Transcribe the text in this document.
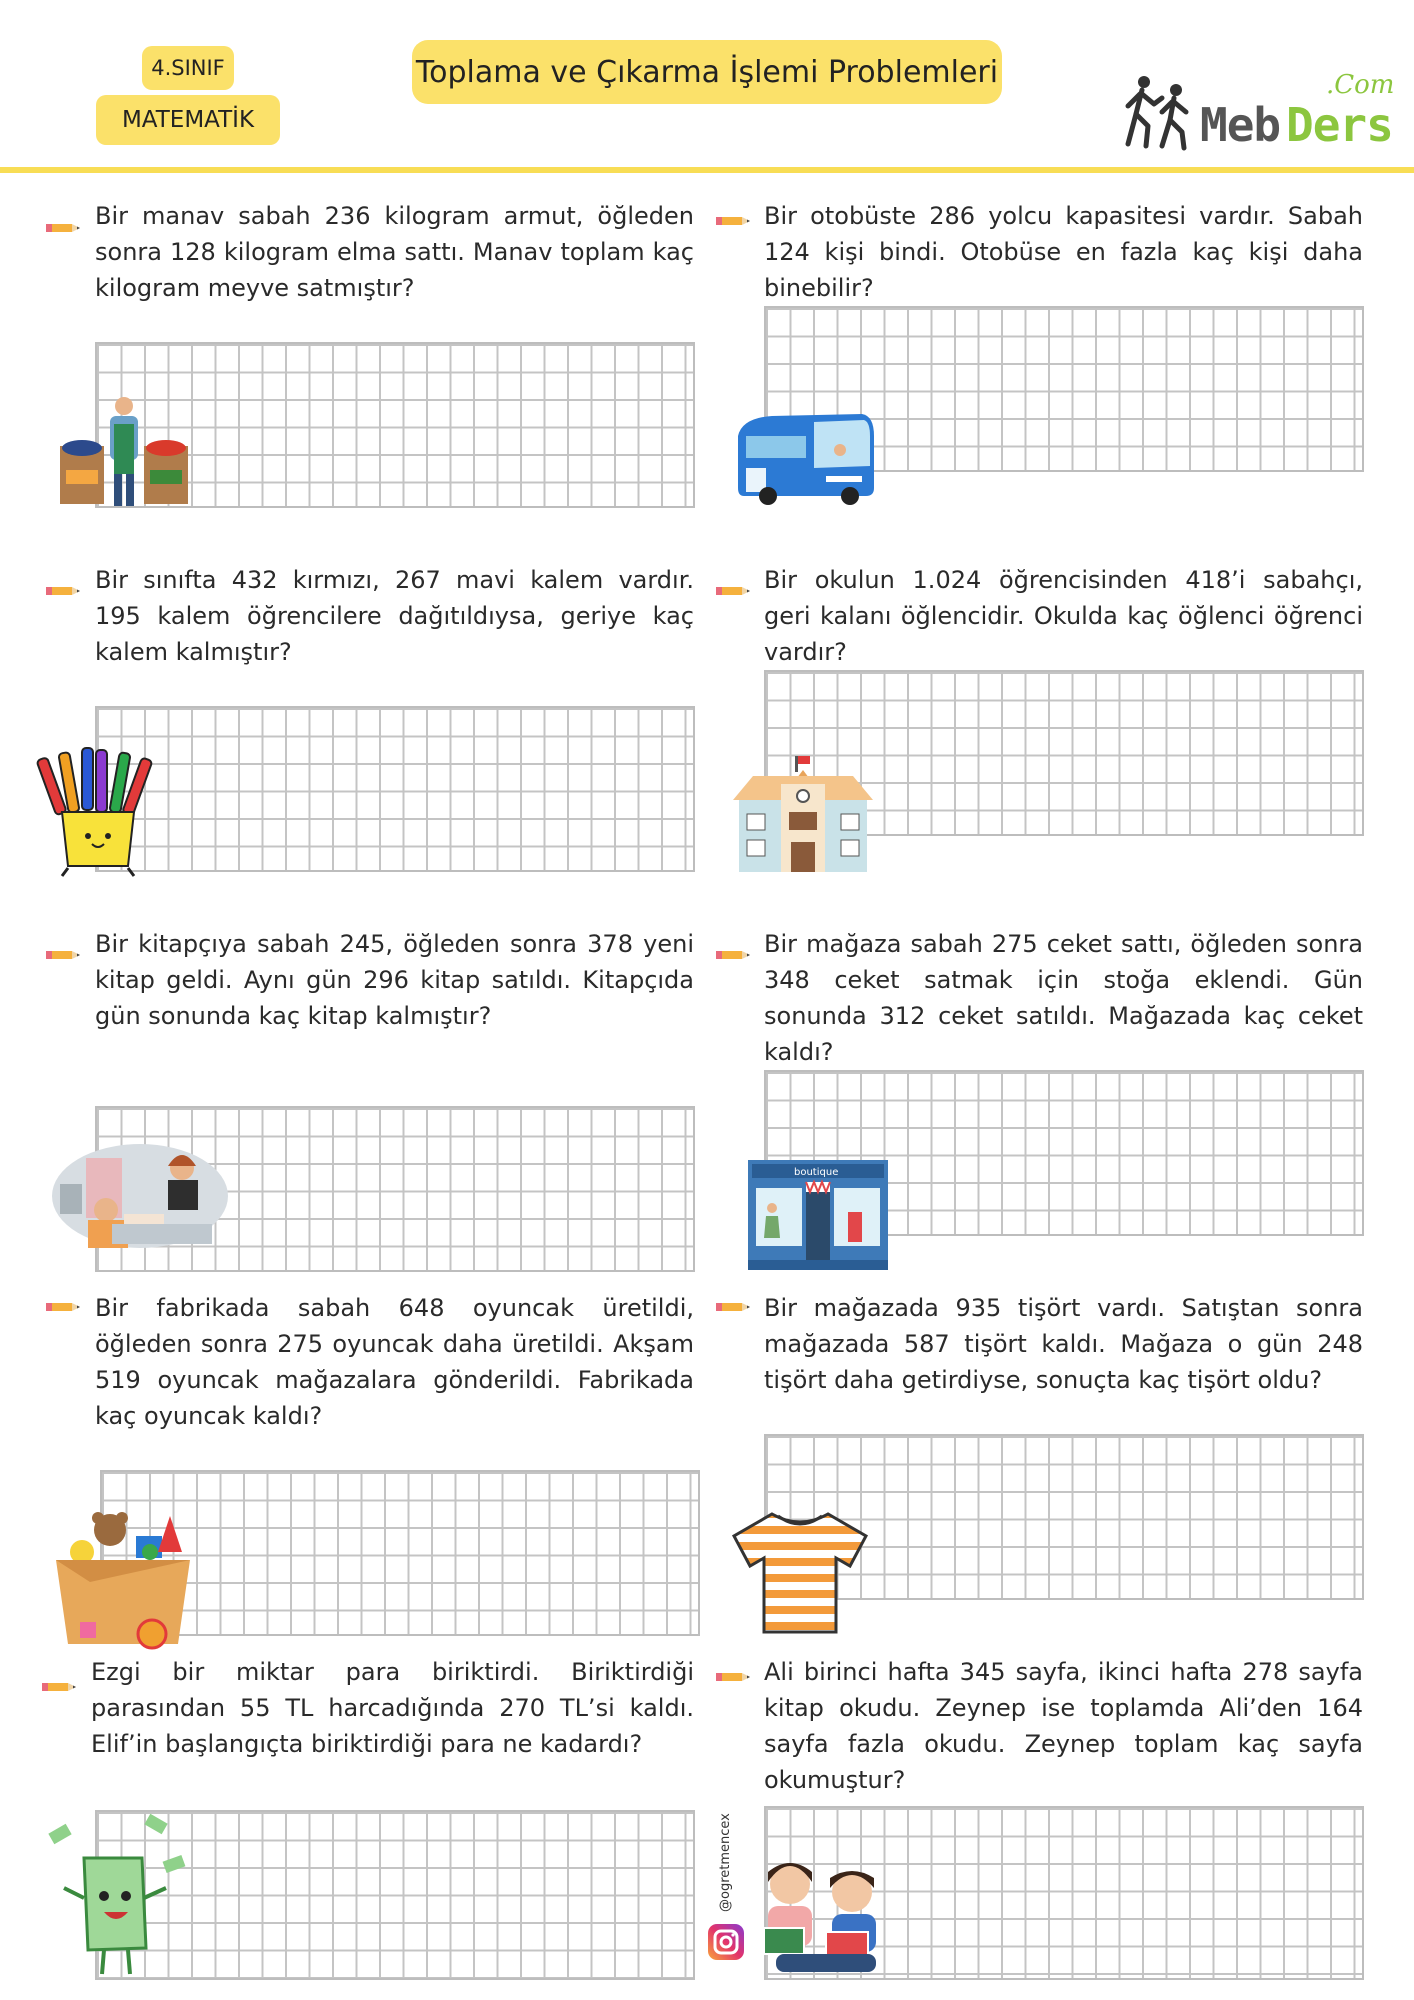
4.SINIF
MATEMATİK
Toplama ve Çıkarma İşlemi Problemleri
Meb Ders
.Com
Bir manav sabah 236 kilogram armut, öğleden sonra 128 kilogram elma sattı. Manav toplam kaç kilogram meyve satmıştır?
Bir otobüste 286 yolcu kapasitesi vardır. Sabah 124 kişi bindi. Otobüse en fazla kaç kişi daha binebilir?
Bir sınıfta 432 kırmızı, 267 mavi kalem vardır. 195 kalem öğrencilere dağıtıldıysa, geriye kaç kalem kalmıştır?
Bir okulun 1.024 öğrencisinden 418’i sabahçı, geri kalanı öğlencidir. Okulda kaç öğlenci öğrenci vardır?
Bir kitapçıya sabah 245, öğleden sonra 378 yeni kitap geldi. Aynı gün 296 kitap satıldı. Kitapçıda gün sonunda kaç kitap kalmıştır?
Bir mağaza sabah 275 ceket sattı, öğleden sonra 348 ceket satmak için stoğa eklendi. Gün sonunda 312 ceket satıldı. Mağazada kaç ceket kaldı?
Bir fabrikada sabah 648 oyuncak üretildi, öğleden sonra 275 oyuncak daha üretildi. Akşam 519 oyuncak mağazalara gönderildi. Fabrikada kaç oyuncak kaldı?
Bir mağazada 935 tişört vardı. Satıştan sonra mağazada 587 tişört kaldı. Mağaza o gün 248 tişört daha getirdiyse, sonuçta kaç tişört oldu?
Ezgi bir miktar para biriktirdi. Biriktirdiği parasından 55 TL harcadığında 270 TL’si kaldı. Elif’in başlangıçta biriktirdiği para ne kadardı?
Ali birinci hafta 345 sayfa, ikinci hafta 278 sayfa kitap okudu. Zeynep ise toplamda Ali’den 164 sayfa fazla okudu. Zeynep toplam kaç sayfa okumuştur?
boutique
@ogretmencex
